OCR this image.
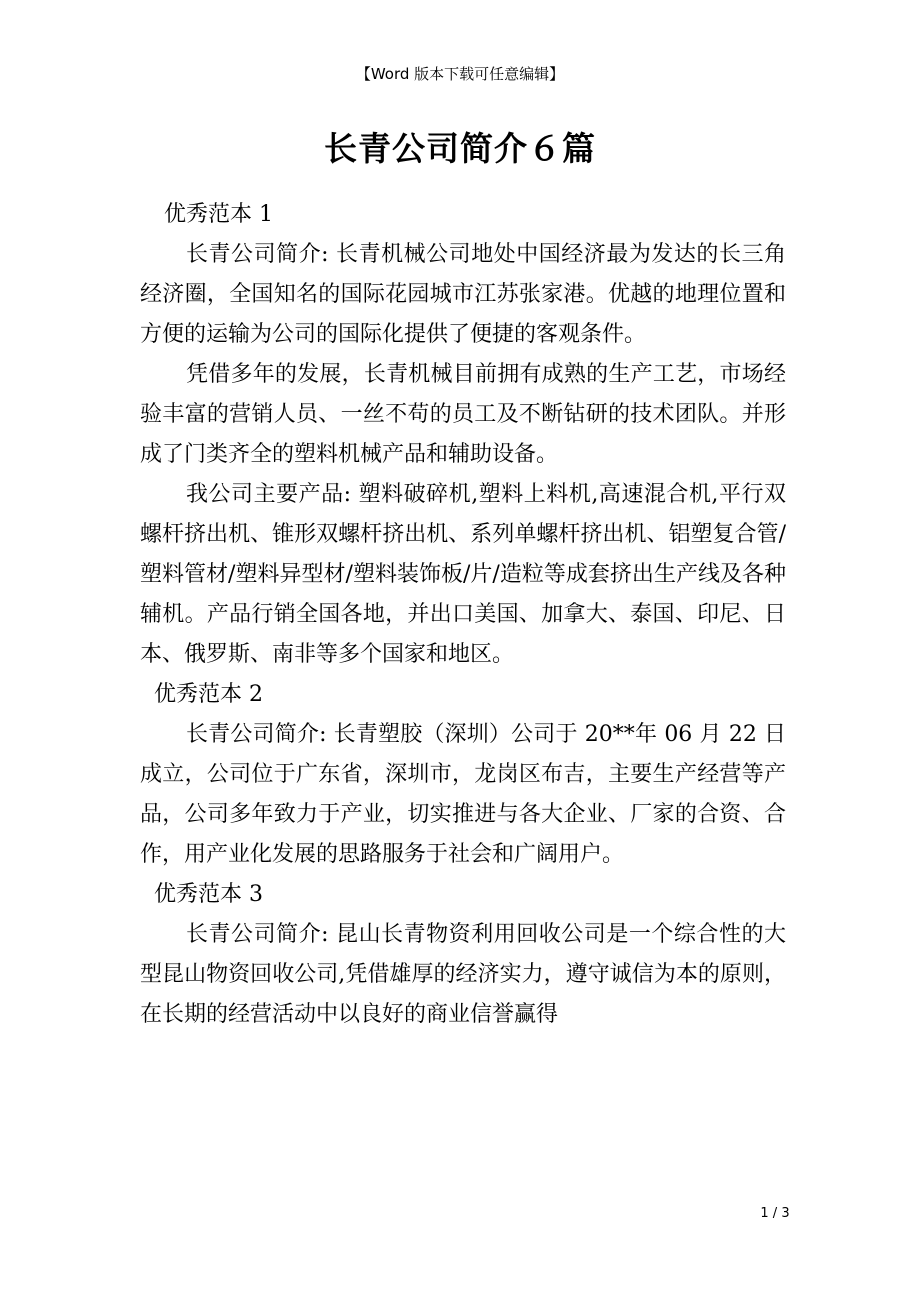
【Word 版本下载可任意编辑】
长青公司简介６篇
优秀范本 1

长青公司简介: 长青机械公司地处中国经济最为发达的长三角经济圈，全国知名的国际花园城市江苏张家港。优越的地理位置和方便的运输为公司的国际化提供了便捷的客观条件。

凭借多年的发展，长青机械目前拥有成熟的生产工艺，市场经验丰富的营销人员、一丝不苟的员工及不断钻研的技术团队。并形成了门类齐全的塑料机械产品和辅助设备。

我公司主要产品: 塑料破碎机,塑料上料机,高速混合机,平行双螺杆挤出机、锥形双螺杆挤出机、系列单螺杆挤出机、铝塑复合管/塑料管材/塑料异型材/塑料装饰板/片/造粒等成套挤出生产线及各种辅机。产品行销全国各地，并出口美国、加拿大、泰国、印尼、日本、俄罗斯、南非等多个国家和地区。

优秀范本 2

长青公司简介: 长青塑胶（深圳）公司于 20**年 06 月 22 日成立，公司位于广东省，深圳市，龙岗区布吉，主要生产经营等产品，公司多年致力于产业，切实推进与各大企业、厂家的合资、合作，用产业化发展的思路服务于社会和广阔用户。

优秀范本 3

长青公司简介: 昆山长青物资利用回收公司是一个综合性的大型昆山物资回收公司,凭借雄厚的经济实力，遵守诚信为本的原则，在长期的经营活动中以良好的商业信誉赢得

1 / 3
